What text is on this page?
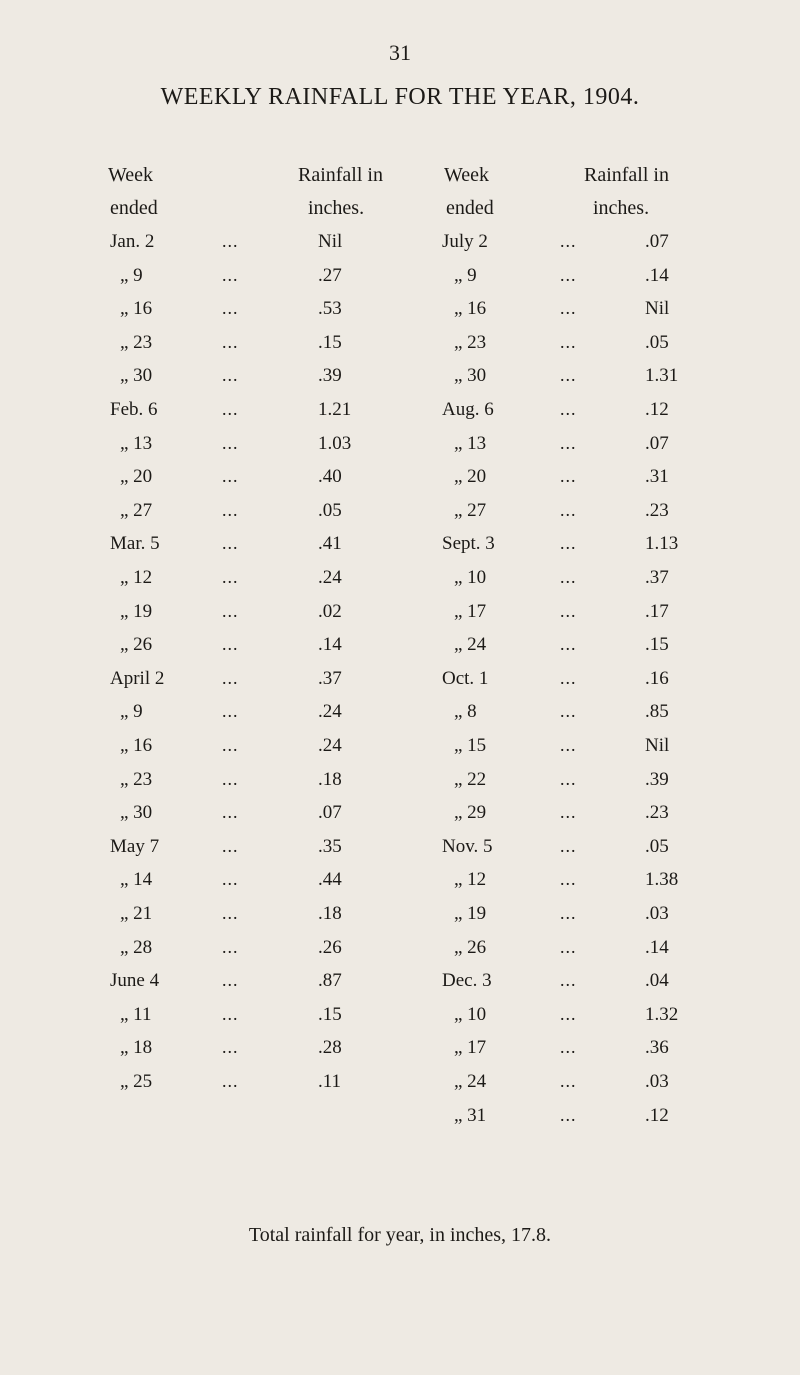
31
WEEKLY RAINFALL FOR THE YEAR, 1904.
Week
ended
Rainfall in
inches.
Week
ended
Rainfall in
inches.
Jan. 2	...	Nil
„ 9	...	.27
„ 16	...	.53
„ 23	...	.15
„ 30	...	.39
Feb. 6	...	1.21
„ 13	...	1.03
„ 20	...	.40
„ 27	...	.05
Mar. 5	...	.41
„ 12	...	.24
„ 19	...	.02
„ 26	...	.14
April 2	...	.37
„ 9	...	.24
„ 16	...	.24
„ 23	...	.18
„ 30	...	.07
May 7	...	.35
„ 14	...	.44
„ 21	...	.18
„ 28	...	.26
June 4	...	.87
„ 11	...	.15
„ 18	...	.28
„ 25	...	.11
July 2	...	.07
„ 9	...	.14
„ 16	...	Nil
„ 23	...	.05
„ 30	...	1.31
Aug. 6	...	.12
„ 13	...	.07
„ 20	...	.31
„ 27	...	.23
Sept. 3	...	1.13
„ 10	...	.37
„ 17	...	.17
„ 24	...	.15
Oct. 1	...	.16
„ 8	...	.85
„ 15	...	Nil
„ 22	...	.39
„ 29	...	.23
Nov. 5	...	.05
„ 12	...	1.38
„ 19	...	.03
„ 26	...	.14
Dec. 3	...	.04
„ 10	...	1.32
„ 17	...	.36
„ 24	...	.03
„ 31	...	.12
Total rainfall for year, in inches, 17.8.
